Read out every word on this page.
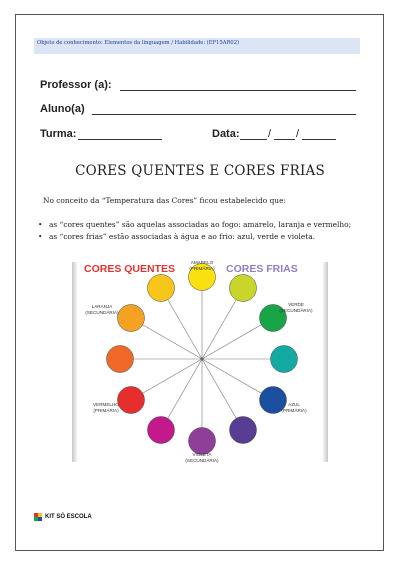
Objeto de conhecimento: Elementos da linguagem / Habilidade: (EF15AR02)
Professor (a):
Aluno(a)
Turma:	Data:	/ /
CORES QUENTES E CORES FRIAS
No conceito da “Temperatura das Cores” ficou estabelecido que:
• as “cores quentes” são aquelas associadas ao fogo: amarelo, laranja e vermelho;
• as “cores frias” estão associadas à água e ao frio: azul, verde e violeta.
CORES QUENTES	CORES FRIAS
AMARELO
(PRIMÁRIA)
VERDE
(SECUNDÁRIA)
AZUL
(PRIMÁRIA)
VIOLETA
(SECUNDÁRIA)
VERMELHO
(PRIMÁRIA)
LARANJA
(SECUNDÁRIA)
KIT SÓ ESCOLA
